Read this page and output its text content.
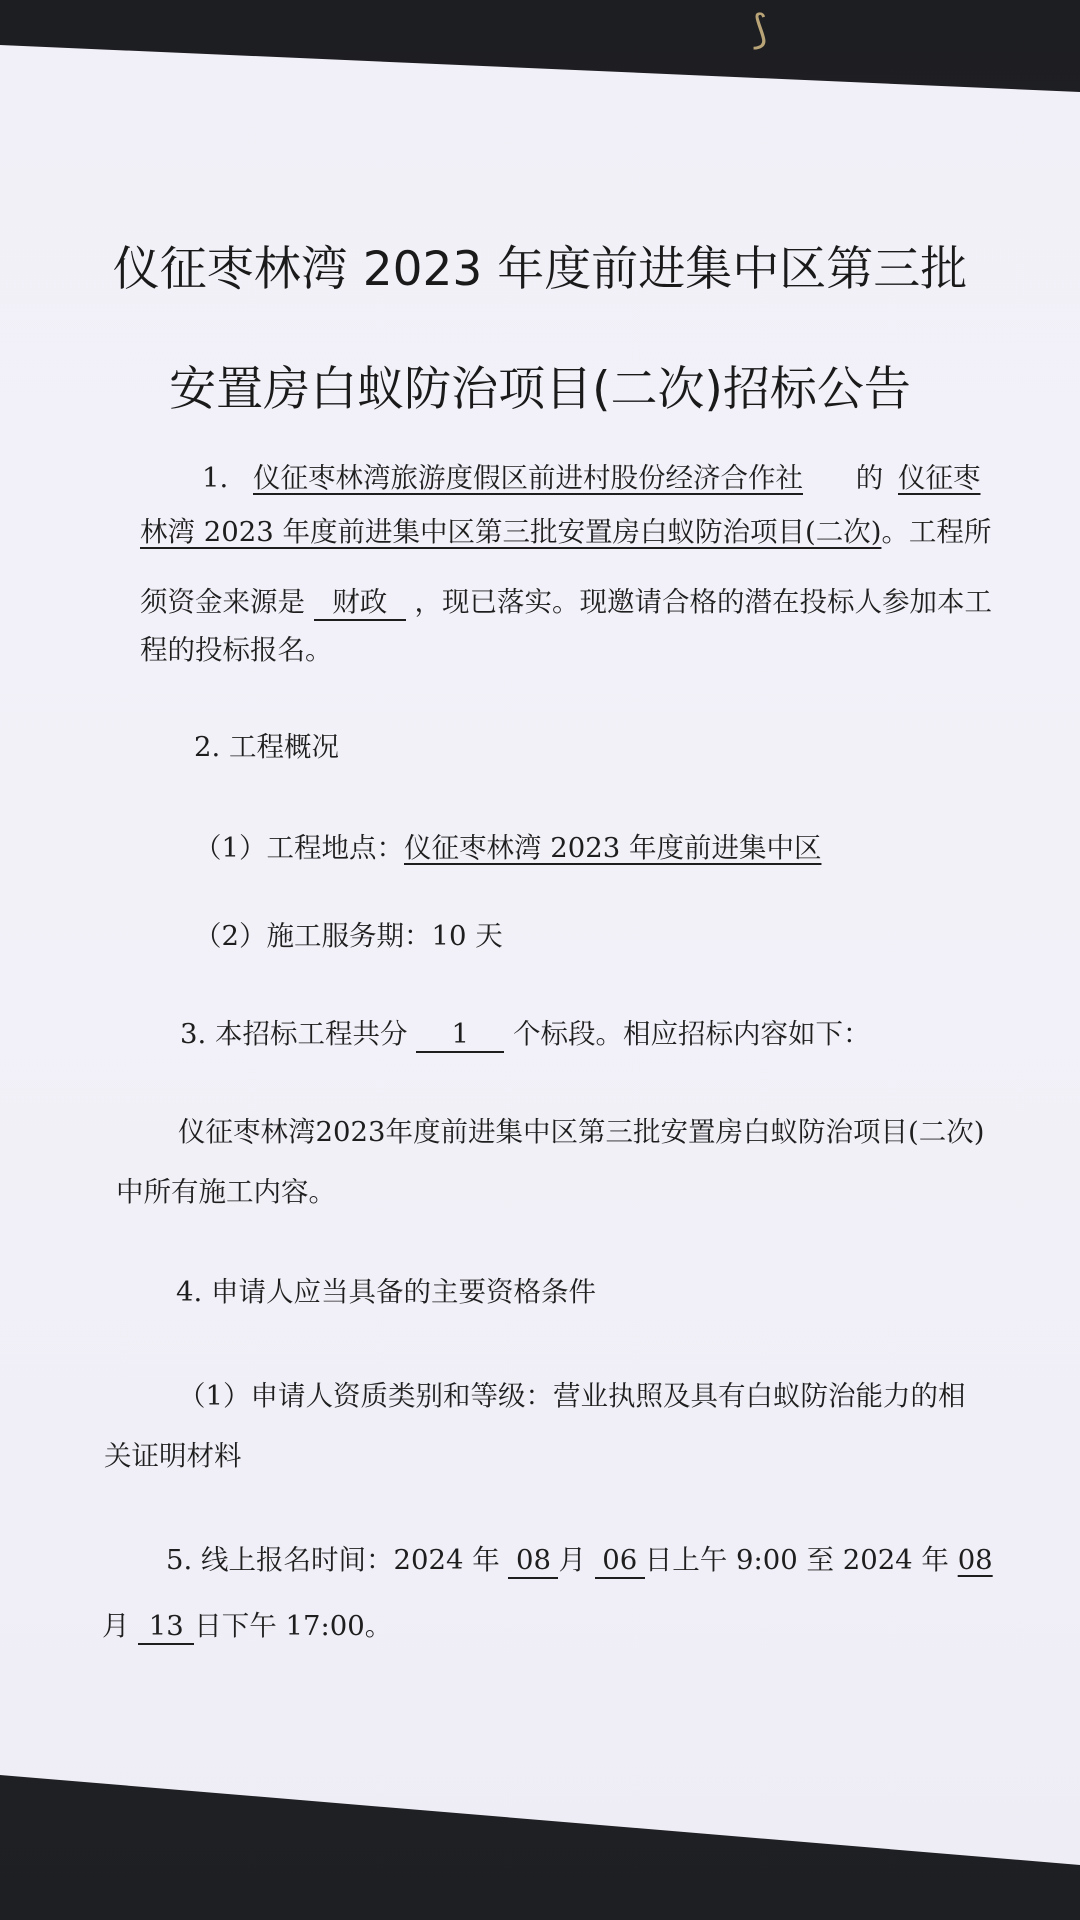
⟆
仪征枣林湾 2023 年度前进集中区第三批
安置房白蚁防治项目(二次)招标公告
1. 仪征枣林湾旅游度假区前进村股份经济合作社 的 仪征枣
林湾 2023 年度前进集中区第三批安置房白蚁防治项目(二次)。工程所
须资金来源是 财政 ，现已落实。现邀请合格的潜在投标人参加本工
程的投标报名。
2. 工程概况
（1）工程地点：仪征枣林湾 2023 年度前进集中区
（2）施工服务期：10 天
3. 本招标工程共分 1 个标段。相应招标内容如下：
仪征枣林湾2023年度前进集中区第三批安置房白蚁防治项目(二次)
中所有施工内容。
4. 申请人应当具备的主要资格条件
（1）申请人资质类别和等级：营业执照及具有白蚁防治能力的相
关证明材料
5. 线上报名时间：2024 年 08 月 06 日上午 9:00 至 2024 年 08
月 13 日下午 17:00。
